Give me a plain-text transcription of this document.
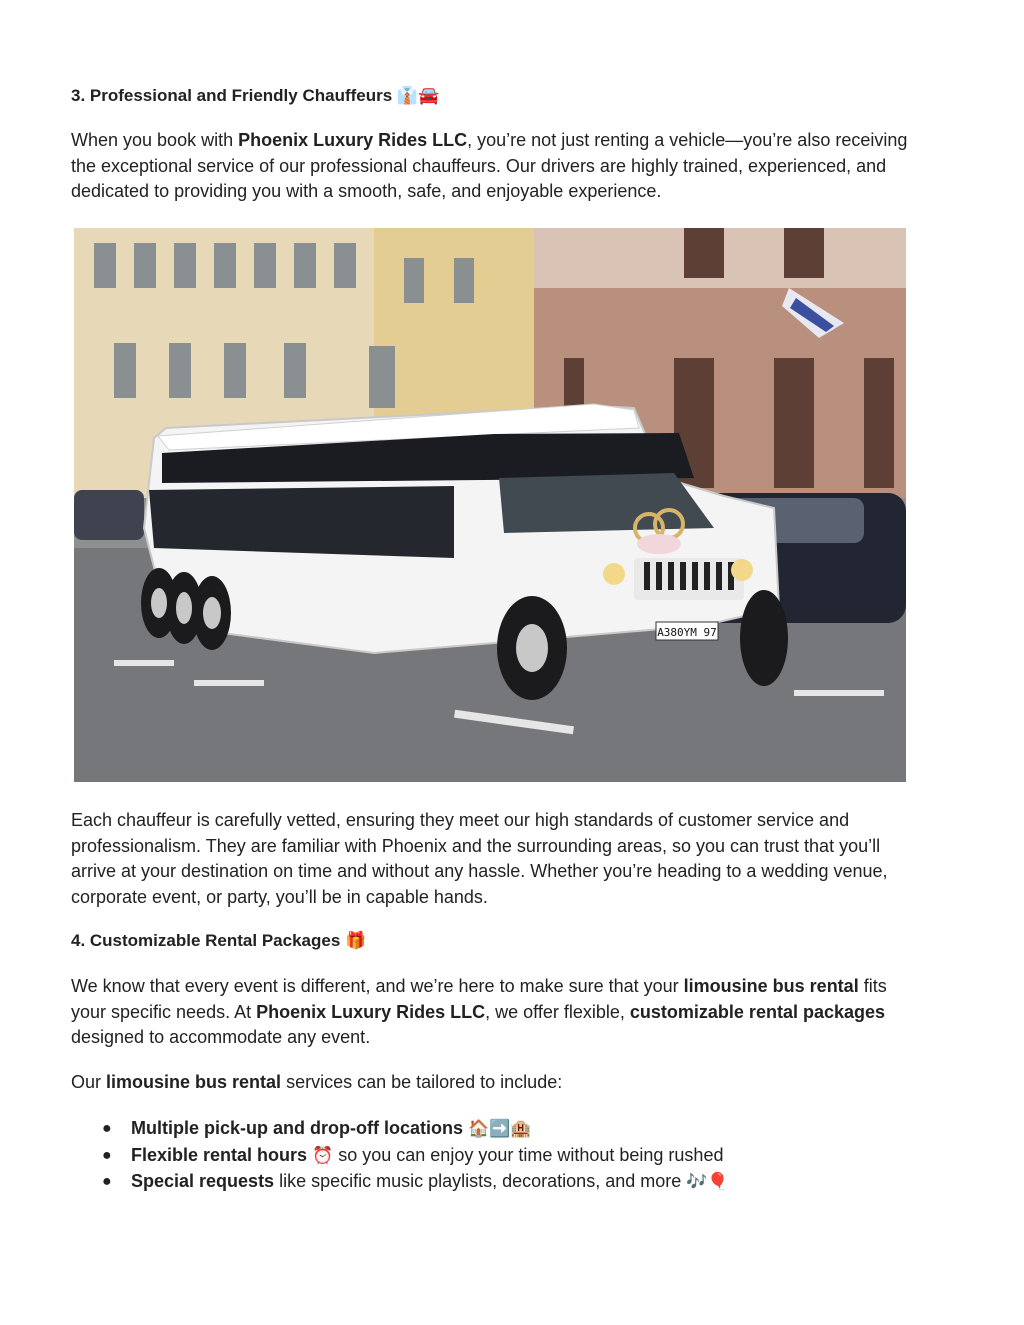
3. Professional and Friendly Chauffeurs 👔🚘

When you book with Phoenix Luxury Rides LLC, you’re not just renting a vehicle—you’re also receiving the exceptional service of our professional chauffeurs. Our drivers are highly trained, experienced, and dedicated to providing you with a smooth, safe, and enjoyable experience.

A380YM 97

Each chauffeur is carefully vetted, ensuring they meet our high standards of customer service and professionalism. They are familiar with Phoenix and the surrounding areas, so you can trust that you’ll arrive at your destination on time and without any hassle. Whether you’re heading to a wedding venue, corporate event, or party, you’ll be in capable hands.

4. Customizable Rental Packages 🎁

We know that every event is different, and we’re here to make sure that your limousine bus rental fits your specific needs. At Phoenix Luxury Rides LLC, we offer flexible, customizable rental packages designed to accommodate any event.

Our limousine bus rental services can be tailored to include:

● Multiple pick-up and drop-off locations 🏠➡️🏨
● Flexible rental hours ⏰ so you can enjoy your time without being rushed
● Special requests like specific music playlists, decorations, and more 🎶🎈
